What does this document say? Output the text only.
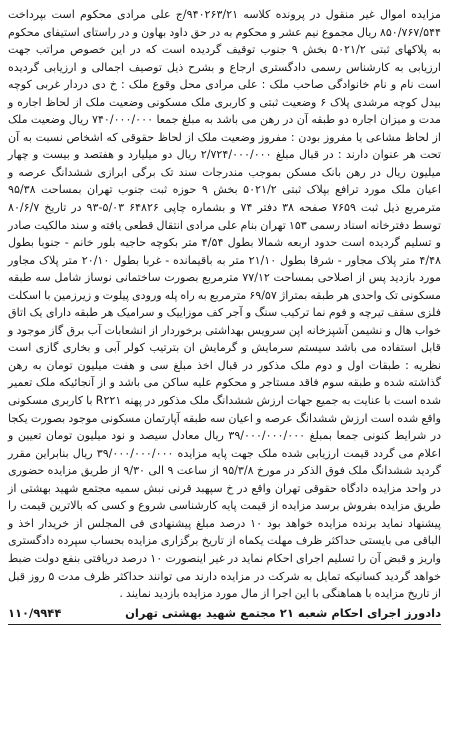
مزایده اموال غیر منقول در پرونده کلاسه ۹۴۰۲۶۳/۲۱/ج علی مرادی محکوم است بپرداخت ۸۵۰/۷۶۷/۵۴۴ ریال مجموع نیم عشر و محکوم به در حق داود بهاون و در راستای استیفای محکوم به پلاکهای ثبتی ۵۰۲۱/۲ بخش ۹ جنوب توقیف گردیده است که در این خصوص مراتب جهت ارزیابی به کارشناس رسمی دادگستری ارجاع و بشرح ذیل توصیف اجمالی و ارزیابی گردیده است نام و نام خانوادگی صاحب ملک : علی مرادی محل وقوع ملک : خ دی دردار غربی کوچه بیدل کوچه مرشدی پلاک ۶ وضعیت ثبتی و کاربری ملک مسکونی وضعیت ملک از لحاظ اجاره و مدت و میزان اجاره دو طبقه آن در رهن می باشد به مبلغ جمعا ۷۴۰/۰۰۰/۰۰۰ ریال وضعیت ملک از لحاظ مشاعی یا مفروز بودن : مفروز وضعیت ملک از لحاظ حقوقی که اشخاص نسبت به آن تحت هر عنوان دارند : در قبال مبلغ ۲/۷۲۴/۰۰۰/۰۰۰ ریال دو میلیارد و هفتصد و بیست و چهار میلیون ریال در رهن بانک مسکن بموجب مندرجات سند تک برگی ابرازی ششدانگ عرصه و اعیان ملک مورد ترافع بپلاک ثبتی ۵۰۲۱/۲ بخش ۹ حوزه ثبت جنوب تهران بمساحت ۹۵/۳۸ مترمربع ذیل ثبت ۷۶۵۹ صفحه ۳۸ دفتر ۷۴ و بشماره چاپی ۶۴۸۲۶ ۵/۰۳-۹۳ در تاریخ ۸۰/۶/۷ توسط دفترخانه اسناد رسمی ۱۵۳ تهران بنام علی مرادی انتقال قطعی یافته و سند مالکیت صادر و تسلیم گردیده است حدود اربعه شمالا بطول ۴/۵۴ متر بکوچه حاجیه بلور خانم - جنوبا بطول ۴/۴۸ متر پلاک مجاور - شرقا بطول ۲۱/۱۰ متر به باقیمانده - غربا بطول ۲۰/۱۰ متر پلاک مجاور مورد بازدید پس از اصلاحی بمساحت ۷۷/۱۲ مترمربع بصورت ساختمانی نوساز شامل سه طبقه مسکونی تک واحدی هر طبقه بمتراژ ۶۹/۵۷ مترمربع به راه پله ورودی پیلوت و زیرزمین با اسکلت فلزی سقف تیرچه و فوم نما ترکیب سنگ و آجر کف موزاییک و سرامیک هر طبقه دارای یک اتاق خواب هال و نشیمن آشپزخانه اپن سرویس بهداشتی برخوردار از انشعابات آب برق گاز موجود و قابل استفاده می باشد سیستم سرمایش و گرمایش ان بترتیب کولر آبی و بخاری گازی است نظریه : طبقات اول و دوم ملک مذکور در قبال اخذ مبلغ سی و هفت میلیون تومان به رهن گذاشته شده و طبقه سوم فاقد مستاجر و محکوم علیه ساکن می باشد و از آنجائیکه ملک تعمیر شده است با عنایت به جمیع جهات ارزش ششدانگ ملک مذکور در پهنه R۲۲۱ با کاربری مسکونی واقع شده است ارزش ششدانگ عرصه و اعیان سه طبقه آپارتمان مسکونی موجود بصورت یکجا در شرایط کنونی جمعا بمبلغ ۳۹/۰۰۰/۰۰۰/۰۰۰ ریال معادل سیصد و نود میلیون تومان تعیین و اعلام می گردد قیمت ارزیابی شده ملک جهت پایه مزایده ۳۹/۰۰۰/۰۰۰/۰۰۰ ریال بنابراین مقرر گردید ششدانگ ملک فوق الذکر در مورخ ۹۵/۳/۸ از ساعت ۹ الی ۹/۳۰ از طریق مزایده حضوری در واحد مزایده دادگاه حقوقی تهران واقع در خ سپهبد قرنی نبش سمیه مجتمع شهید بهشتی از طریق مزایده بفروش برسد مزایده از قیمت پایه کارشناسی شروع و کسی که بالاترین قیمت را پیشنهاد نماید برنده مزایده خواهد بود ۱۰ درصد مبلغ پیشنهادی فی المجلس از خریدار اخذ و الباقی می بایستی حداکثر ظرف مهلت یکماه از تاریخ برگزاری مزایده بحساب سپرده دادگستری واریز و قبض آن را تسلیم اجرای احکام نماید در غیر اینصورت ۱۰ درصد دریافتی بنفع دولت ضبط خواهد گردید کسانیکه تمایل به شرکت در مزایده دارند می توانند حداکثر ظرف مدت ۵ روز قبل از تاریخ مزایده با هماهنگی با این اجرا از مال مورد مزایده بازدید نمایند .

دادورز اجرای احکام شعبه ۲۱ مجتمع شهید بهشتی تهران
۱۱۰/۹۹۴۴
